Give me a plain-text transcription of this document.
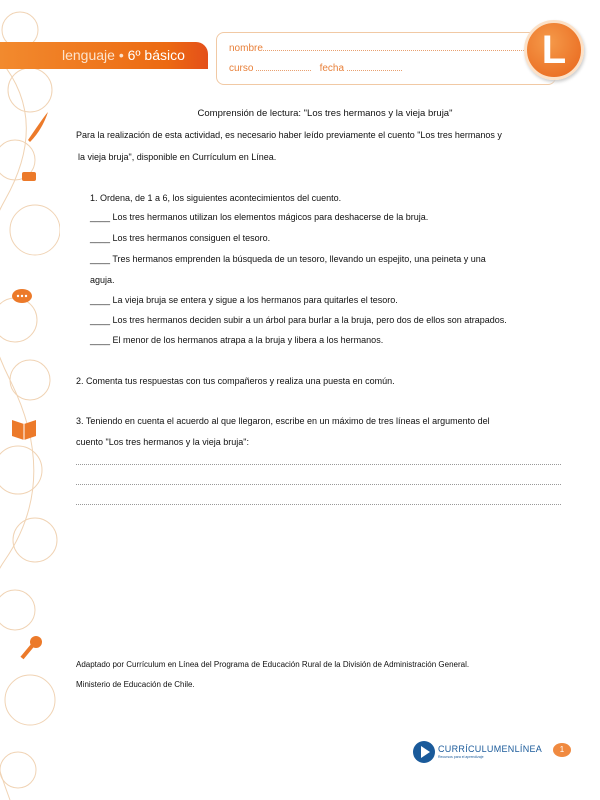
lenguaje • 6º básico	nombre
curso	fecha	L
Comprensión de lectura: "Los tres hermanos y la vieja bruja"
Para la realización de esta actividad, es necesario haber leído previamente el cuento "Los tres hermanos y
la vieja bruja", disponible en Currículum en Línea.
1. Ordena, de 1 a 6, los siguientes acontecimientos del cuento.
____ Los tres hermanos utilizan los elementos mágicos para deshacerse de la bruja.
____ Los tres hermanos consiguen el tesoro.
____ Tres hermanos emprenden la búsqueda de un tesoro, llevando un espejito, una peineta y una
aguja.
____ La vieja bruja se entera y sigue a los hermanos para quitarles el tesoro.
____ Los tres hermanos deciden subir a un árbol para burlar a la bruja, pero dos de ellos son atrapados.
____ El menor de los hermanos atrapa a la bruja y libera a los hermanos.
2. Comenta tus respuestas con tus compañeros y realiza una puesta en común.
3. Teniendo en cuenta el acuerdo al que llegaron, escribe en un máximo de tres líneas el argumento del
cuento "Los tres hermanos y la vieja bruja":
Adaptado por Currículum en Línea del Programa de Educación Rural de la División de Administración General.
Ministerio de Educación de Chile.
CURRÍCULUMENLÍNEA
Recursos para el aprendizaje
1
